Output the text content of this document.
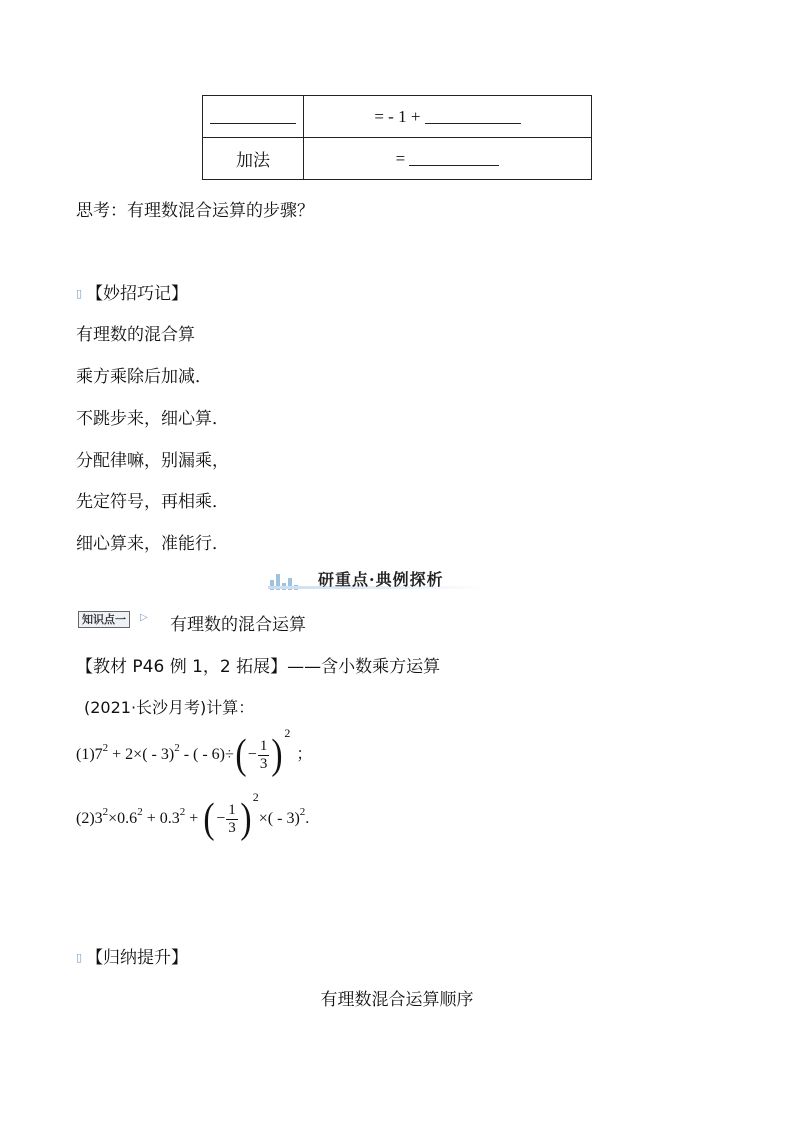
	= - 1 +
加法	=
思考：有理数混合运算的步骤？
▯ 【妙招巧记】
有理数的混合算
乘方乘除后加减．
不跳步来，细心算．
分配律嘛，别漏乘，
先定符号，再相乘．
细心算来，准能行．
研重点·典例探析
知识点一	▷ 有理数的混合运算
【教材 P46 例 1，2 拓展】——含小数乘方运算
(2021·长沙月考)计算：
$(1)7^2 + 2\times( - 3)^2$ - ( - $6)\div(- \frac{1}{3} )2$；
$(2)3^2\times 0.6^2 + 0.3^2$ + (− $\frac{1}{3} )2\times( - 3)^2$.
▯ 【归纳提升】
有理数混合运算顺序
